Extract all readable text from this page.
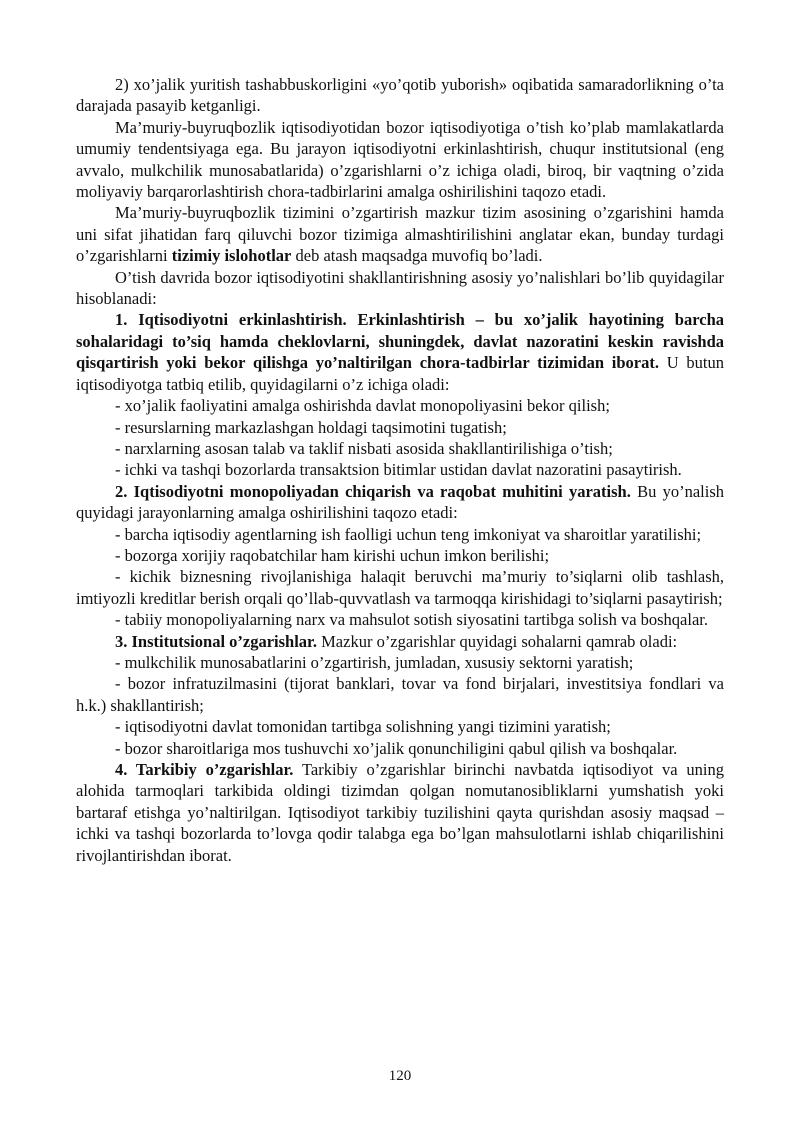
2) xo’jalik yuritish tashabbuskorligini «yo’qotib yuborish» oqibatida samaradorlikning o’ta darajada pasayib ketganligi.

Ma’muriy-buyruqbozlik iqtisodiyotidan bozor iqtisodiyotiga o’tish ko’plab mamlakatlarda umumiy tendentsiyaga ega. Bu jarayon iqtisodiyotni erkinlashtirish, chuqur institutsional (eng avvalo, mulkchilik munosabatlarida) o’zgarishlarni o’z ichiga oladi, biroq, bir vaqtning o’zida moliyaviy barqarorlashtirish chora-tadbirlarini amalga oshirilishini taqozo etadi.

Ma’muriy-buyruqbozlik tizimini o’zgartirish mazkur tizim asosining o’zgarishini hamda uni sifat jihatidan farq qiluvchi bozor tizimiga almashtirilishini anglatar ekan, bunday turdagi o’zgarishlarni tizimiy islohotlar deb atash maqsadga muvofiq bo’ladi.

O’tish davrida bozor iqtisodiyotini shakllantirishning asosiy yo’nalishlari bo’lib quyidagilar hisoblanadi:

1. Iqtisodiyotni erkinlashtirish. Erkinlashtirish – bu xo’jalik hayotining barcha sohalaridagi to’siq hamda cheklovlarni, shuningdek, davlat nazoratini keskin ravishda qisqartirish yoki bekor qilishga yo’naltirilgan chora-tadbirlar tizimidan iborat. U butun iqtisodiyotga tatbiq etilib, quyidagilarni o’z ichiga oladi:

- xo’jalik faoliyatini amalga oshirishda davlat monopoliyasini bekor qilish;

- resurslarning markazlashgan holdagi taqsimotini tugatish;

- narxlarning asosan talab va taklif nisbati asosida shakllantirilishiga o’tish;

- ichki va tashqi bozorlarda transaktsion bitimlar ustidan davlat nazoratini pasaytirish.

2. Iqtisodiyotni monopoliyadan chiqarish va raqobat muhitini yaratish. Bu yo’nalish quyidagi jarayonlarning amalga oshirilishini taqozo etadi:

- barcha iqtisodiy agentlarning ish faolligi uchun teng imkoniyat va sharoitlar yaratilishi;

- bozorga xorijiy raqobatchilar ham kirishi uchun imkon berilishi;

- kichik biznesning rivojlanishiga halaqit beruvchi ma’muriy to’siqlarni olib tashlash, imtiyozli kreditlar berish orqali qo’llab-quvvatlash va tarmoqqa kirishidagi to’siqlarni pasaytirish;

- tabiiy monopoliyalarning narx va mahsulot sotish siyosatini tartibga solish va boshqalar.

3. Institutsional o’zgarishlar. Mazkur o’zgarishlar quyidagi sohalarni qamrab oladi:

- mulkchilik munosabatlarini o’zgartirish, jumladan, xususiy sektorni yaratish;

- bozor infratuzilmasini (tijorat banklari, tovar va fond birjalari, investitsiya fondlari va h.k.) shakllantirish;

- iqtisodiyotni davlat tomonidan tartibga solishning yangi tizimini yaratish;

- bozor sharoitlariga mos tushuvchi xo’jalik qonunchiligini qabul qilish va boshqalar.

4. Tarkibiy o’zgarishlar. Tarkibiy o’zgarishlar birinchi navbatda iqtisodiyot va uning alohida tarmoqlari tarkibida oldingi tizimdan qolgan nomutanosibliklarni yumshatish yoki bartaraf etishga yo’naltirilgan. Iqtisodiyot tarkibiy tuzilishini qayta qurishdan asosiy maqsad – ichki va tashqi bozorlarda to’lovga qodir talabga ega bo’lgan mahsulotlarni ishlab chiqarilishini rivojlantirishdan iborat.

120
